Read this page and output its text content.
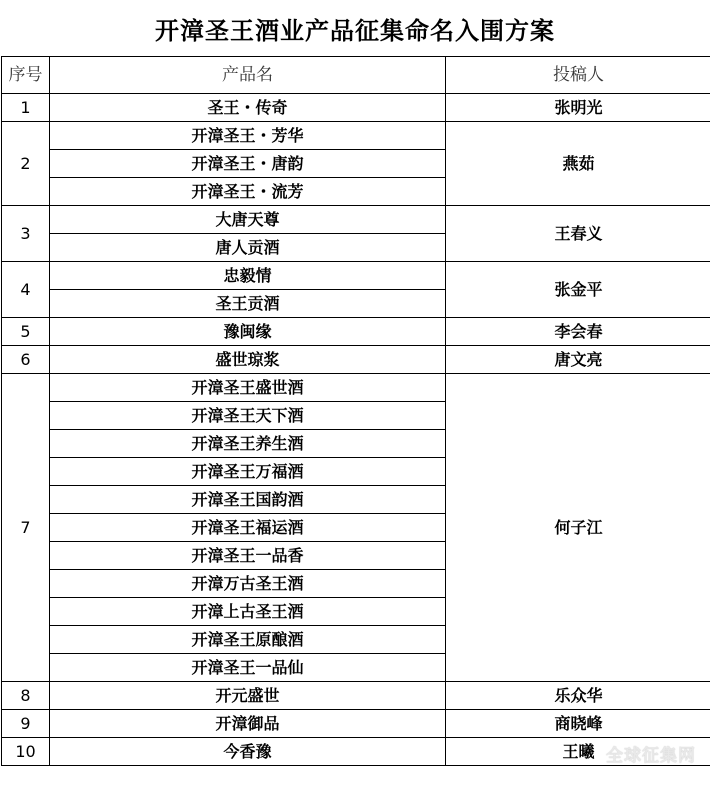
开漳圣王酒业产品征集命名入围方案
序号	产品名	投稿人
1	圣王・传奇	张明光
2	开漳圣王・芳华	燕茹
	开漳圣王・唐韵	
	开漳圣王・流芳	
3	大唐天尊	王春义
	唐人贡酒	
4	忠毅情	张金平
	圣王贡酒	
5	豫闽缘	李会春
6	盛世琼浆	唐文亮
7	开漳圣王盛世酒	何子江
	开漳圣王天下酒	
	开漳圣王养生酒	
	开漳圣王万福酒	
	开漳圣王国韵酒	
	开漳圣王福运酒	
	开漳圣王一品香	
	开漳万古圣王酒	
	开漳上古圣王酒	
	开漳圣王原酿酒	
	开漳圣王一品仙	
8	开元盛世	乐众华
9	开漳御品	商晓峰
10	今香豫	王曦 全球征集网
